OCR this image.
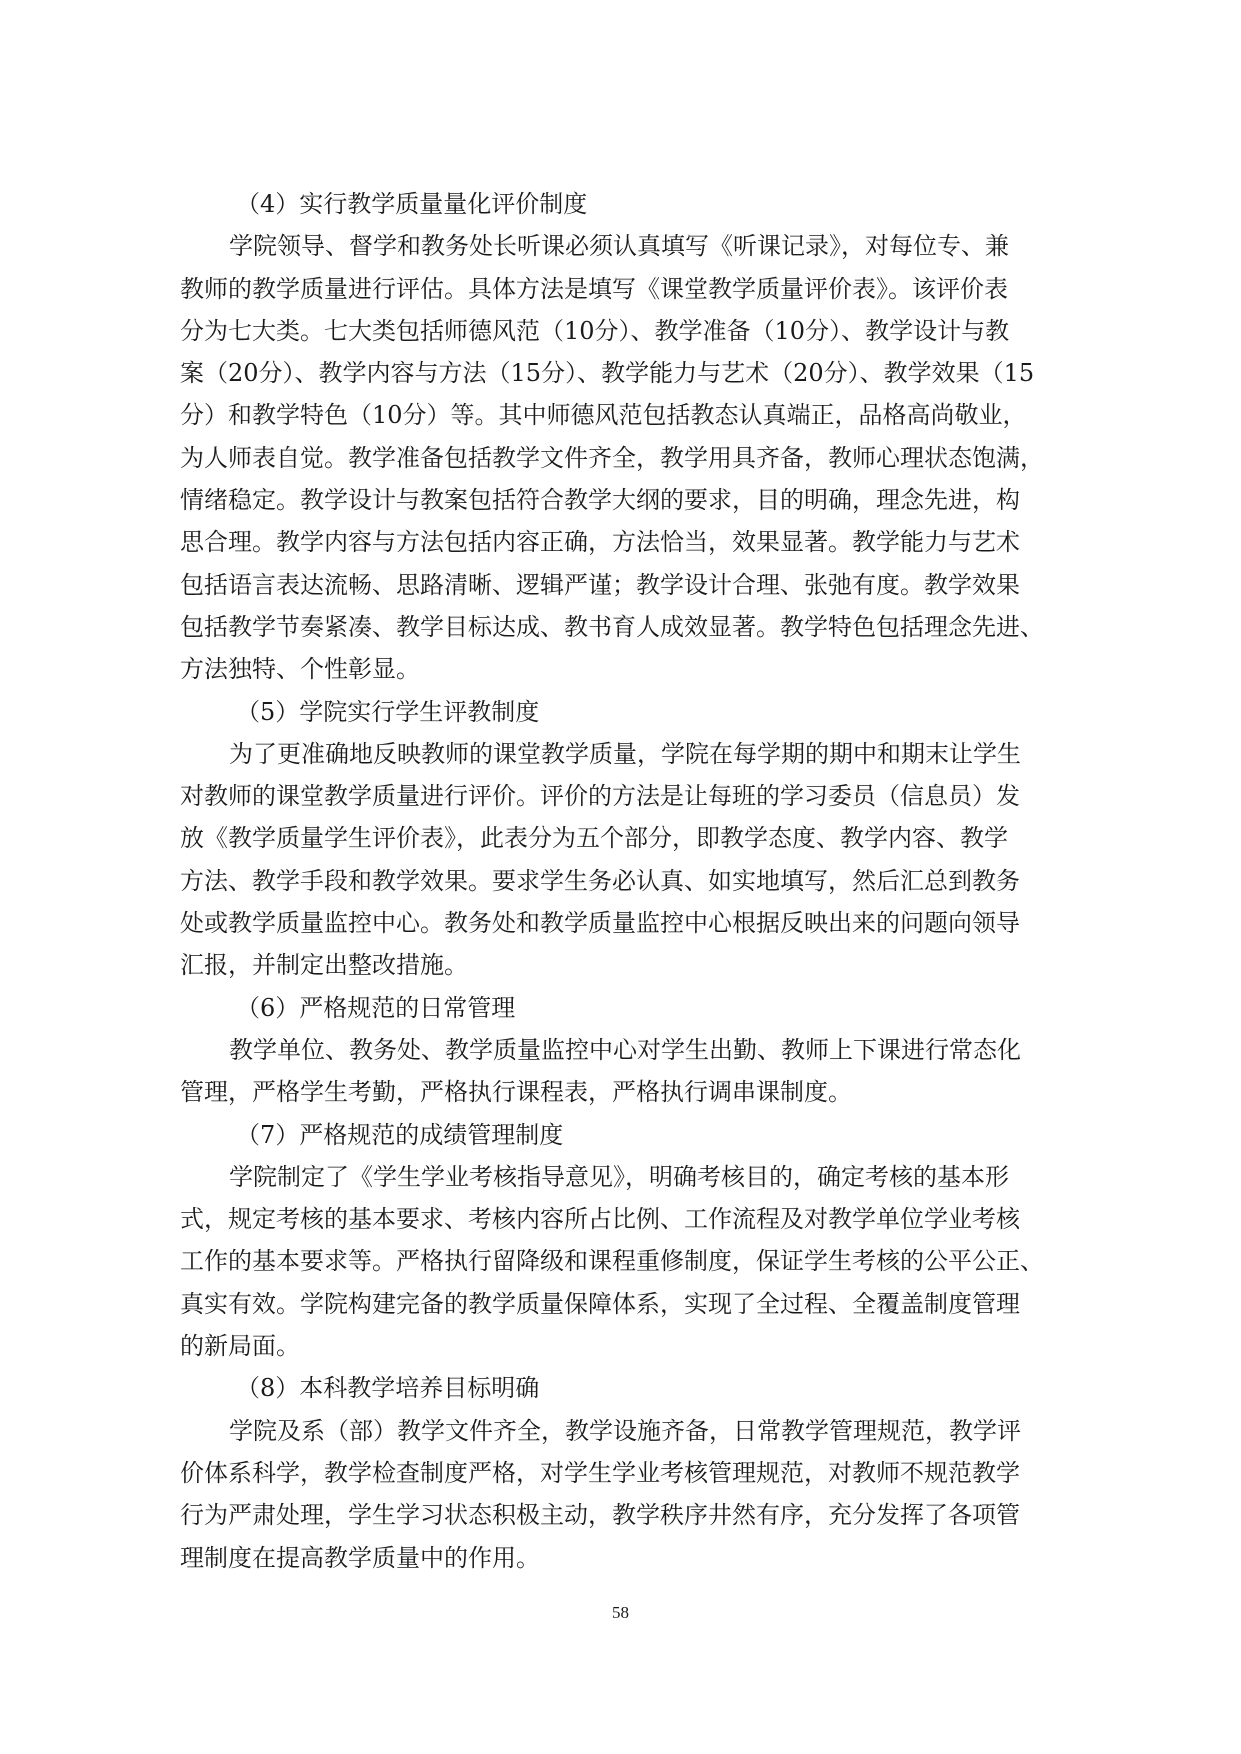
（4）实行教学质量量化评价制度
学院领导、督学和教务处长听课必须认真填写《听课记录》，对每位专、兼
教师的教学质量进行评估。具体方法是填写《课堂教学质量评价表》。该评价表
分为七大类。七大类包括师德风范（10分）、教学准备（10分）、教学设计与教
案（20分）、教学内容与方法（15分）、教学能力与艺术（20分）、教学效果（15
分）和教学特色（10分）等。其中师德风范包括教态认真端正，品格高尚敬业，
为人师表自觉。教学准备包括教学文件齐全，教学用具齐备，教师心理状态饱满，
情绪稳定。教学设计与教案包括符合教学大纲的要求，目的明确，理念先进，构
思合理。教学内容与方法包括内容正确，方法恰当，效果显著。教学能力与艺术
包括语言表达流畅、思路清晰、逻辑严谨；教学设计合理、张弛有度。教学效果
包括教学节奏紧凑、教学目标达成、教书育人成效显著。教学特色包括理念先进、
方法独特、个性彰显。
（5）学院实行学生评教制度
为了更准确地反映教师的课堂教学质量，学院在每学期的期中和期末让学生
对教师的课堂教学质量进行评价。评价的方法是让每班的学习委员（信息员）发
放《教学质量学生评价表》，此表分为五个部分，即教学态度、教学内容、教学
方法、教学手段和教学效果。要求学生务必认真、如实地填写，然后汇总到教务
处或教学质量监控中心。教务处和教学质量监控中心根据反映出来的问题向领导
汇报，并制定出整改措施。
（6）严格规范的日常管理
教学单位、教务处、教学质量监控中心对学生出勤、教师上下课进行常态化
管理，严格学生考勤，严格执行课程表，严格执行调串课制度。
（7）严格规范的成绩管理制度
学院制定了《学生学业考核指导意见》，明确考核目的，确定考核的基本形
式，规定考核的基本要求、考核内容所占比例、工作流程及对教学单位学业考核
工作的基本要求等。严格执行留降级和课程重修制度，保证学生考核的公平公正、
真实有效。学院构建完备的教学质量保障体系，实现了全过程、全覆盖制度管理
的新局面。
（8）本科教学培养目标明确
学院及系（部）教学文件齐全，教学设施齐备，日常教学管理规范，教学评
价体系科学，教学检查制度严格，对学生学业考核管理规范，对教师不规范教学
行为严肃处理，学生学习状态积极主动，教学秩序井然有序，充分发挥了各项管
理制度在提高教学质量中的作用。
58
